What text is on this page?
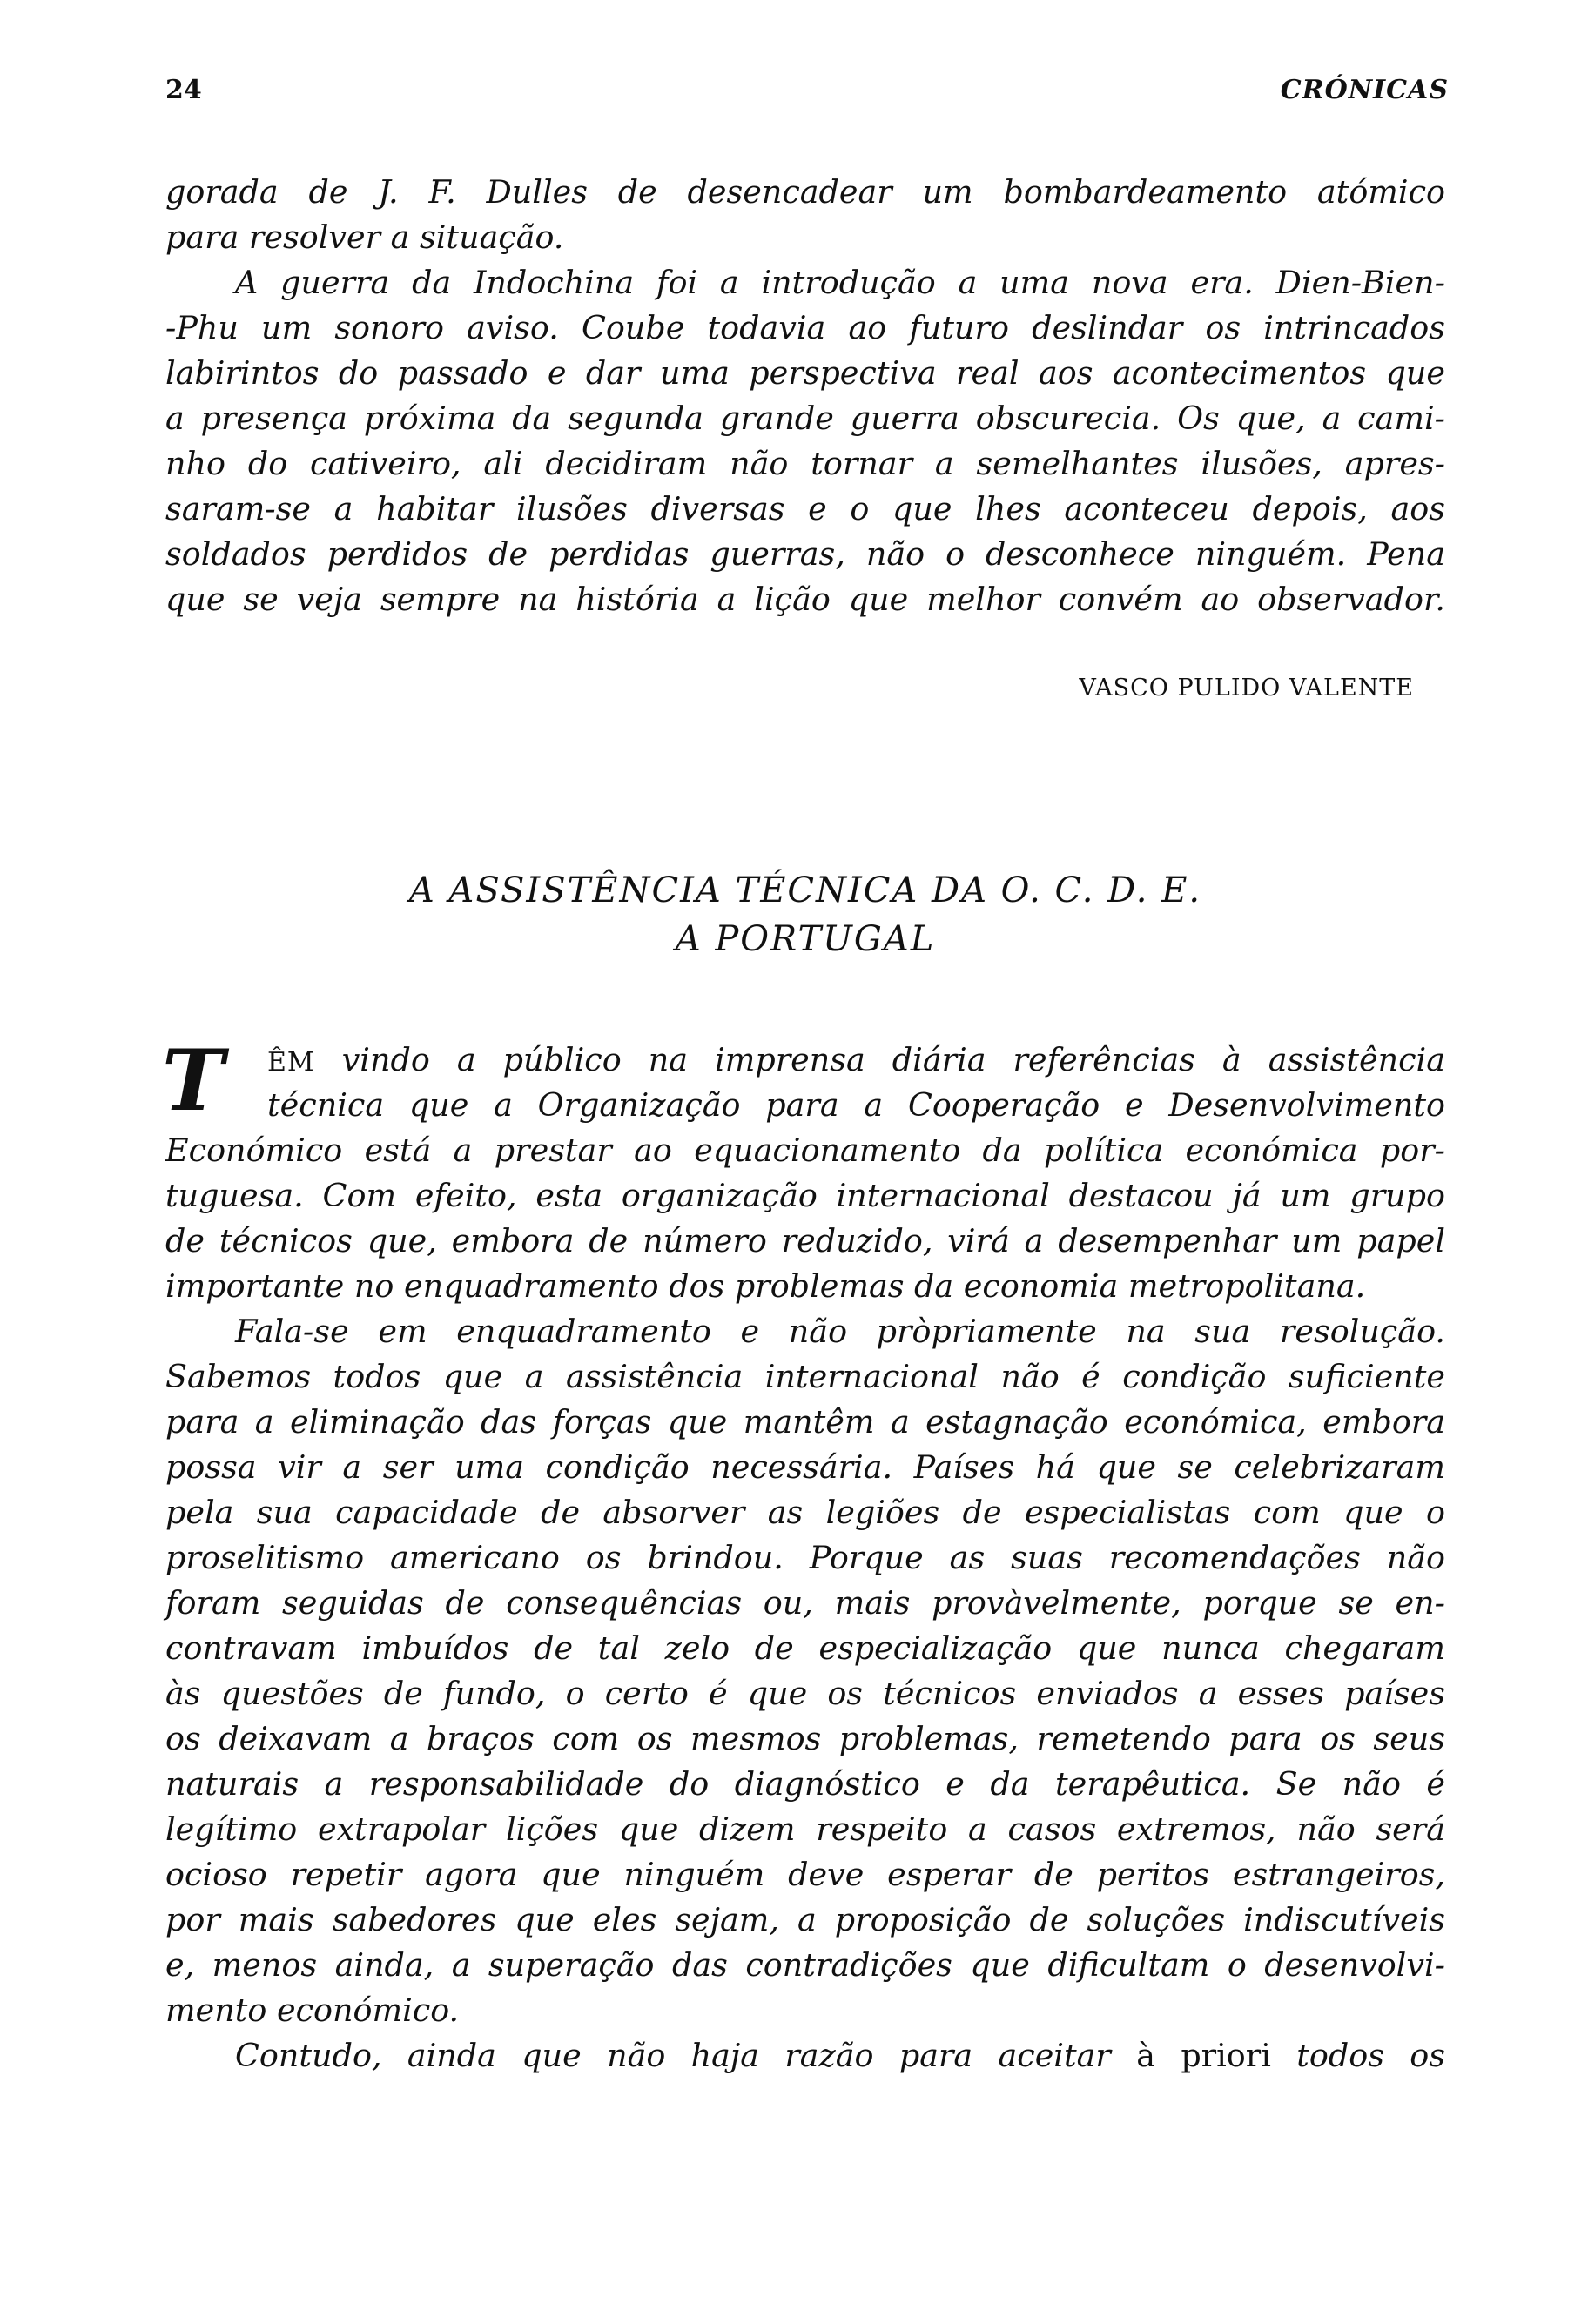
24	CRÓNICAS
gorada de J. F. Dulles de desencadear um bombardeamento atómico
para resolver a situação.
A guerra da Indochina foi a introdução a uma nova era. Dien-Bien-
-Phu um sonoro aviso. Coube todavia ao futuro deslindar os intrincados
labirintos do passado e dar uma perspectiva real aos acontecimentos que
a presença próxima da segunda grande guerra obscurecia. Os que, a cami-
nho do cativeiro, ali decidiram não tornar a semelhantes ilusões, apres-
saram-se a habitar ilusões diversas e o que lhes aconteceu depois, aos
soldados perdidos de perdidas guerras, não o desconhece ninguém. Pena
que se veja sempre na história a lição que melhor convém ao observador.
VASCO PULIDO VALENTE
A ASSISTÊNCIA TÉCNICA DA O. C. D. E.
A PORTUGAL
T	ÊM vindo a público na imprensa diária referências à assistência
técnica que a Organização para a Cooperação e Desenvolvimento
Económico está a prestar ao equacionamento da política económica por-
tuguesa. Com efeito, esta organização internacional destacou já um grupo
de técnicos que, embora de número reduzido, virá a desempenhar um papel
importante no enquadramento dos problemas da economia metropolitana.
Fala-se em enquadramento e não pròpriamente na sua resolução.
Sabemos todos que a assistência internacional não é condição suficiente
para a eliminação das forças que mantêm a estagnação económica, embora
possa vir a ser uma condição necessária. Países há que se celebrizaram
pela sua capacidade de absorver as legiões de especialistas com que o
proselitismo americano os brindou. Porque as suas recomendações não
foram seguidas de consequências ou, mais provàvelmente, porque se en-
contravam imbuídos de tal zelo de especialização que nunca chegaram
às questões de fundo, o certo é que os técnicos enviados a esses países
os deixavam a braços com os mesmos problemas, remetendo para os seus
naturais a responsabilidade do diagnóstico e da terapêutica. Se não é
legítimo extrapolar lições que dizem respeito a casos extremos, não será
ocioso repetir agora que ninguém deve esperar de peritos estrangeiros,
por mais sabedores que eles sejam, a proposição de soluções indiscutíveis
e, menos ainda, a superação das contradições que dificultam o desenvolvi-
mento económico.
Contudo, ainda que não haja razão para aceitar à priori todos os
